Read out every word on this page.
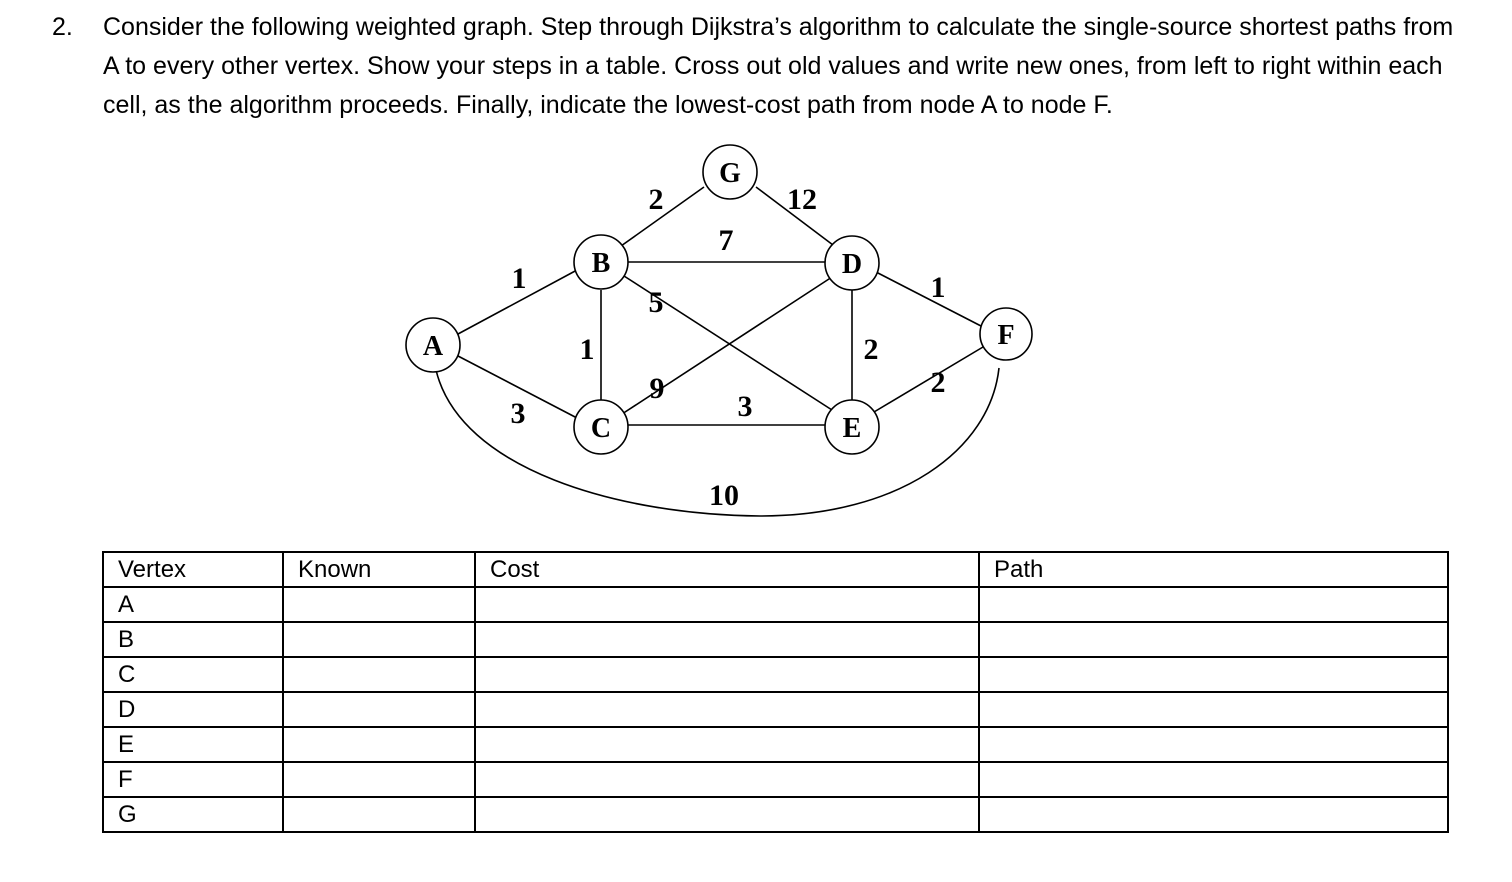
2. Consider the following weighted graph. Step through Dijkstra’s algorithm to calculate the single-source shortest paths from A to every other vertex. Show your steps in a table. Cross out old values and write new ones, from left to right within each cell, as the algorithm proceeds. Finally, indicate the lowest-cost path from node A to node F.
A
B
C
D
E
F
G
1
3
2	12
7
5
1
9
3
2
1
2
10
Vertex	Known	Cost	Path
A			
B			
C			
D			
E			
F			
G			
